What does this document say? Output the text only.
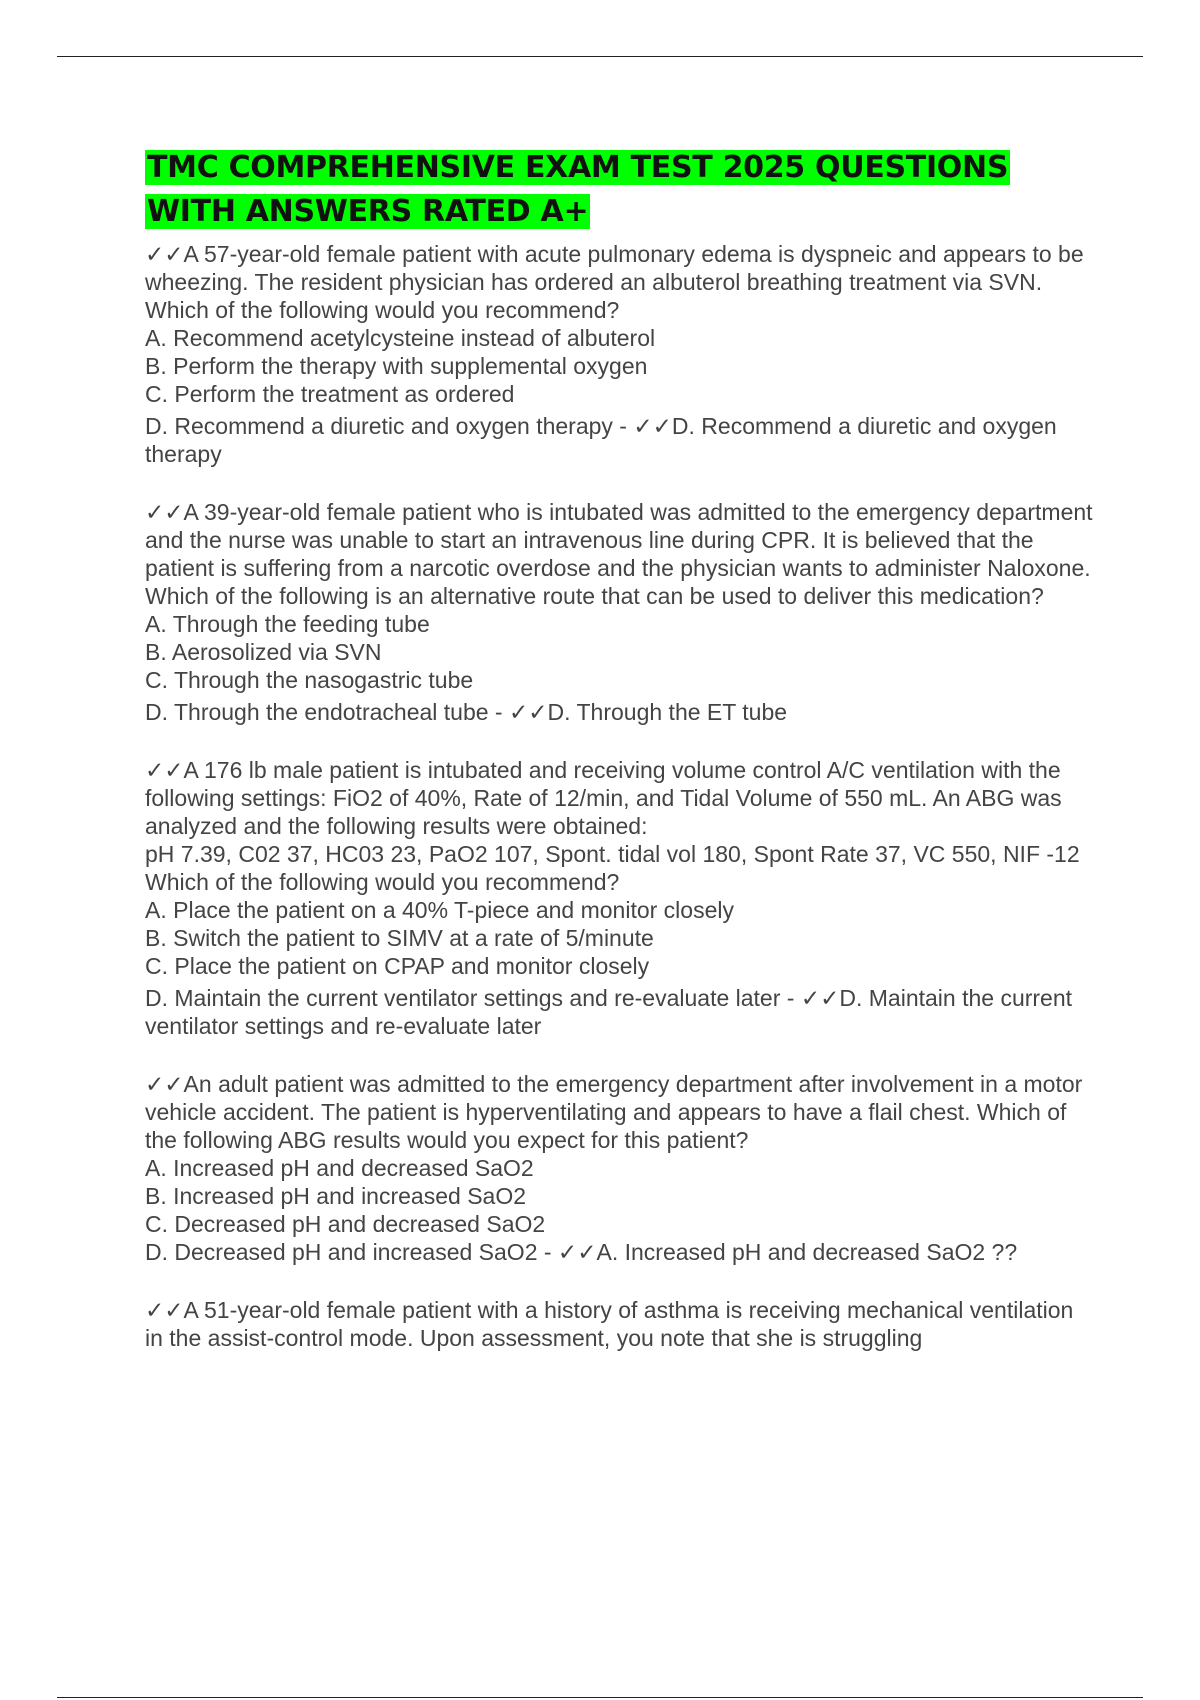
TMC COMPREHENSIVE EXAM TEST 2025 QUESTIONS WITH ANSWERS RATED A+

✓✓A 57-year-old female patient with acute pulmonary edema is dyspneic and appears to be wheezing. The resident physician has ordered an albuterol breathing treatment via SVN. Which of the following would you recommend?

A. Recommend acetylcysteine instead of albuterol

B. Perform the therapy with supplemental oxygen

C. Perform the treatment as ordered

D. Recommend a diuretic and oxygen therapy - ✓✓D. Recommend a diuretic and oxygen therapy

✓✓A 39-year-old female patient who is intubated was admitted to the emergency department and the nurse was unable to start an intravenous line during CPR. It is believed that the patient is suffering from a narcotic overdose and the physician wants to administer Naloxone. Which of the following is an alternative route that can be used to deliver this medication?

A. Through the feeding tube

B. Aerosolized via SVN

C. Through the nasogastric tube

D. Through the endotracheal tube - ✓✓D. Through the ET tube

✓✓A 176 lb male patient is intubated and receiving volume control A/C ventilation with the following settings: FiO2 of 40%, Rate of 12/min, and Tidal Volume of 550 mL. An ABG was analyzed and the following results were obtained:

pH 7.39, C02 37, HC03 23, PaO2 107, Spont. tidal vol 180, Spont Rate 37, VC 550, NIF -12

Which of the following would you recommend?

A. Place the patient on a 40% T-piece and monitor closely

B. Switch the patient to SIMV at a rate of 5/minute

C. Place the patient on CPAP and monitor closely

D. Maintain the current ventilator settings and re-evaluate later - ✓✓D. Maintain the current ventilator settings and re-evaluate later

✓✓An adult patient was admitted to the emergency department after involvement in a motor vehicle accident. The patient is hyperventilating and appears to have a flail chest. Which of the following ABG results would you expect for this patient?

A. Increased pH and decreased SaO2

B. Increased pH and increased SaO2

C. Decreased pH and decreased SaO2

D. Decreased pH and increased SaO2 - ✓✓A. Increased pH and decreased SaO2 ??

✓✓A 51-year-old female patient with a history of asthma is receiving mechanical ventilation in the assist-control mode. Upon assessment, you note that she is struggling
